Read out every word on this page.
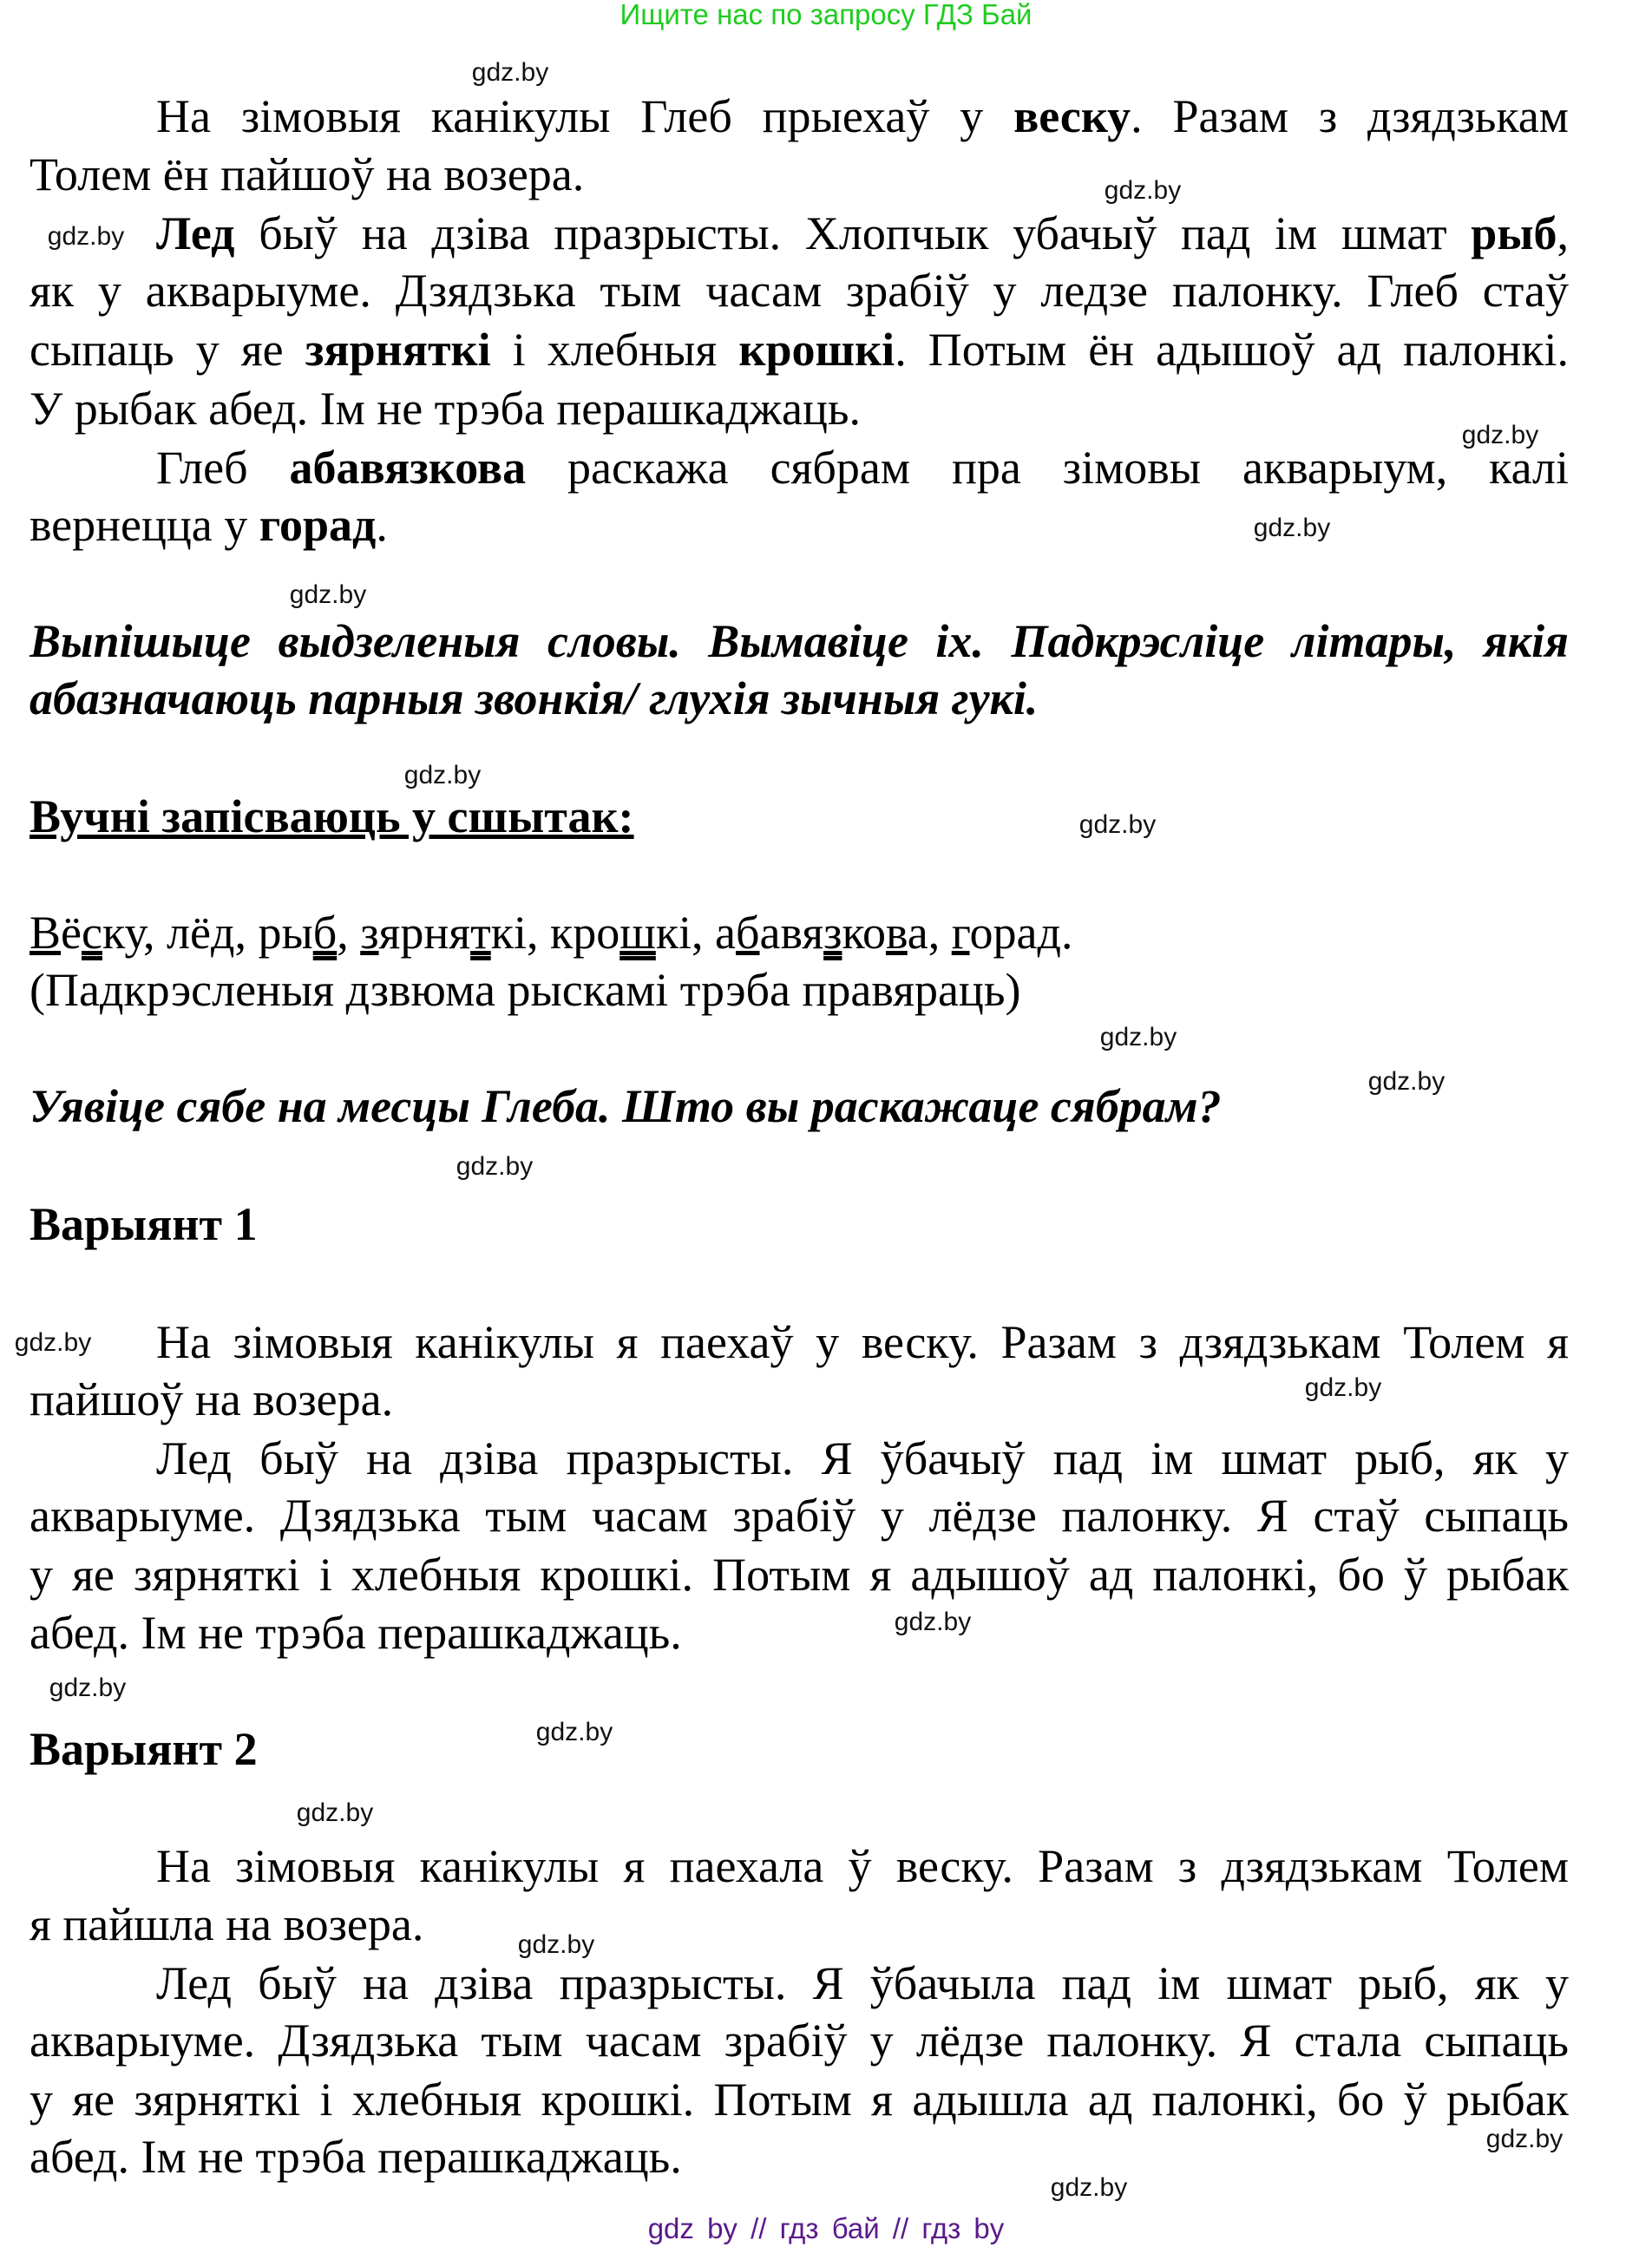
Ищите нас по запросу ГДЗ Бай
На зімовыя канікулы Глеб прыехаў у веску. Разам з дзядзькам
Толем ён пайшоў на возера.
Лед быў на дзіва празрысты. Хлопчык убачыў пад ім шмат рыб,
як у акварыуме. Дзядзька тым часам зрабіў у ледзе палонку. Глеб стаў
сыпаць у яе зярняткі і хлебныя крошкі. Потым ён адышоў ад палонкі.
У рыбак абед. Ім не трэба перашкаджаць.
Глеб абавязкова раскажа сябрам пра зімовы акварыум, калі
вернецца у горад.
Выпішыце выдзеленыя словы. Вымавіце іх. Падкрэсліце літары, якія
абазначаюць парныя звонкія/ глухія зычныя гукі.
Вучні запісваюць у сшытак:
Вёску, лёд, рыб, зярняткі, крошкі, абавязкова, горад.
(Падкрэсленыя дзвюма рыскамі трэба правяраць)
Уявіце сябе на месцы Глеба. Што вы раскажаце сябрам?
Варыянт 1
На зімовыя канікулы я паехаў у веску. Разам з дзядзькам Толем я
пайшоў на возера.
Лед быў на дзіва празрысты. Я ўбачыў пад ім шмат рыб, як у
акварыуме. Дзядзька тым часам зрабіў у лёдзе палонку. Я стаў сыпаць
у яе зярняткі і хлебныя крошкі. Потым я адышоў ад палонкі, бо ў рыбак
абед. Ім не трэба перашкаджаць.
Варыянт 2
На зімовыя канікулы я паехала ў веску. Разам з дзядзькам Толем
я пайшла на возера.
Лед быў на дзіва празрысты. Я ўбачыла пад ім шмат рыб, як у
акварыуме. Дзядзька тым часам зрабіў у лёдзе палонку. Я стала сыпаць
у яе зярняткі і хлебныя крошкі. Потым я адышла ад палонкі, бо ў рыбак
абед. Ім не трэба перашкаджаць.
gdz.by
gdz.by
gdz.by
gdz.by
gdz.by
gdz.by
gdz.by
gdz.by
gdz.by
gdz.by
gdz.by
gdz.by
gdz.by
gdz.by
gdz.by
gdz.by
gdz.by
gdz.by
gdz.by
gdz.by
gdz by // гдз бай // гдз by
